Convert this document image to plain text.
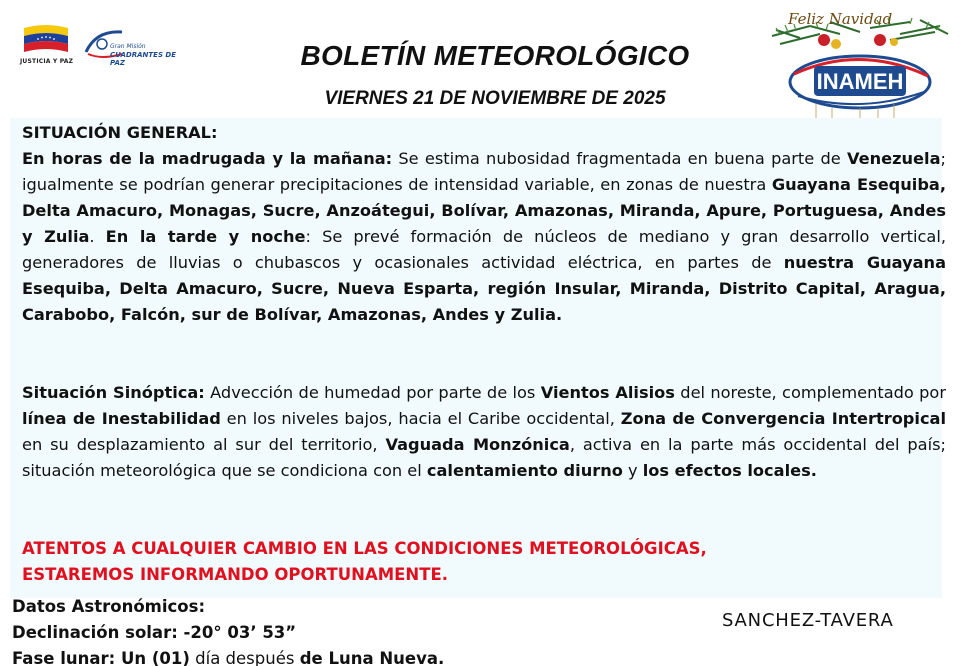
JUSTICIA Y PAZ
Gran Misión
CUADRANTES DE PAZ	BOLETÍN METEOROLÓGICO
VIERNES 21 DE NOVIEMBRE DE 2025
Feliz Navidad
INAMEH
SITUACIÓN GENERAL:
En horas de la madrugada y la mañana: Se estima nubosidad fragmentada en buena parte de Venezuela; igualmente se podrían generar precipitaciones de intensidad variable, en zonas de nuestra Guayana Esequiba, Delta Amacuro, Monagas, Sucre, Anzoátegui, Bolívar, Amazonas, Miranda, Apure, Portuguesa, Andes y Zulia. En la tarde y noche: Se prevé formación de núcleos de mediano y gran desarrollo vertical, generadores de lluvias o chubascos y ocasionales actividad eléctrica, en partes de nuestra Guayana Esequiba, Delta Amacuro, Sucre, Nueva Esparta, región Insular, Miranda, Distrito Capital, Aragua, Carabobo, Falcón, sur de Bolívar, Amazonas, Andes y Zulia.
Situación Sinóptica: Advección de humedad por parte de los Vientos Alisios del noreste, complementado por línea de Inestabilidad en los niveles bajos, hacia el Caribe occidental, Zona de Convergencia Intertropical en su desplazamiento al sur del territorio, Vaguada Monzónica, activa en la parte más occidental del país; situación meteorológica que se condiciona con el calentamiento diurno y los efectos locales.
ATENTOS A CUALQUIER CAMBIO EN LAS CONDICIONES METEOROLÓGICAS,
ESTAREMOS INFORMANDO OPORTUNAMENTE.
Datos Astronómicos:
Declinación solar: -20° 03’ 53”
Fase lunar: Un (01) día después de Luna Nueva.
SANCHEZ-TAVERA
